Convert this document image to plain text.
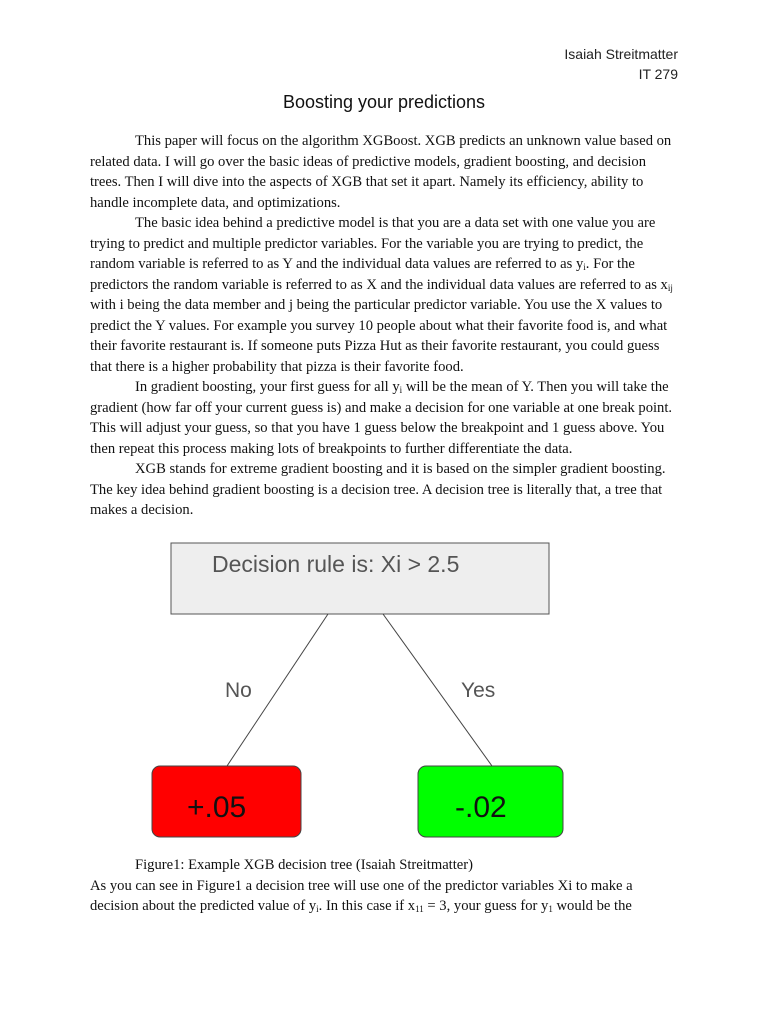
Isaiah Streitmatter
IT 279
Boosting your predictions

This paper will focus on the algorithm XGBoost. XGB predicts an unknown value based on related data. I will go over the basic ideas of predictive models, gradient boosting, and decision trees. Then I will dive into the aspects of XGB that set it apart. Namely its efficiency, ability to handle incomplete data, and optimizations.

The basic idea behind a predictive model is that you are a data set with one value you are trying to predict and multiple predictor variables. For the variable you are trying to predict, the random variable is referred to as Y and the individual data values are referred to as $y_i$. For the predictors the random variable is referred to as X and the individual data values are referred to as $x_{ij}$ with i being the data member and j being the particular predictor variable. You use the X values to predict the Y values. For example you survey 10 people about what their favorite food is, and what their favorite restaurant is. If someone puts Pizza Hut as their favorite restaurant, you could guess that there is a higher probability that pizza is their favorite food.

In gradient boosting, your first guess for all $y_i$ will be the mean of Y. Then you will take the gradient (how far off your current guess is) and make a decision for one variable at one break point. This will adjust your guess, so that you have 1 guess below the breakpoint and 1 guess above. You then repeat this process making lots of breakpoints to further differentiate the data.

XGB stands for extreme gradient boosting and it is based on the simpler gradient boosting. The key idea behind gradient boosting is a decision tree. A decision tree is literally that, a tree that makes a decision.

Decision rule is: Xi > 2.5
No	Yes
+.05	-.02

Figure1: Example XGB decision tree (Isaiah Streitmatter)

As you can see in Figure1 a decision tree will use one of the predictor variables Xi to make a decision about the predicted value of $y_i$. In this case if $x_{11} = 3$, your guess for $y_1$ would be the
